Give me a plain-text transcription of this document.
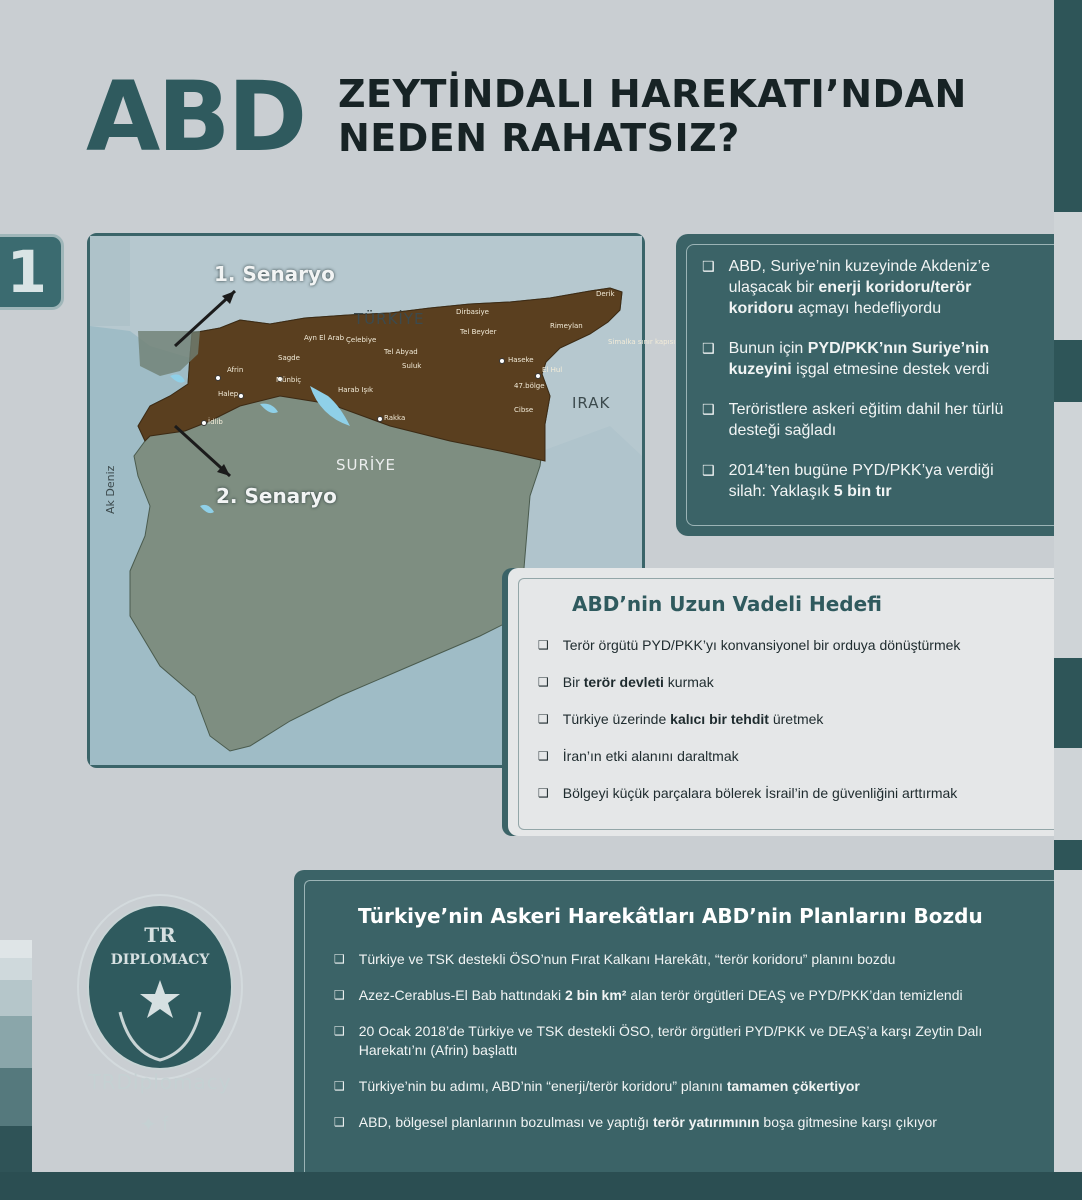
ABD ZEYTİNDALI HAREKATI’NDAN
NEDEN RAHATSIZ?
1	1. Senaryo
2. Senaryo
TÜRKİYE
SURİYE
IRAK
Ak Deniz
Afrin
Halep
İdlib
Sagde
Münbiç
Ayn El Arab Çelebiye
Tel Abyad
Suluk
Harab Işık
Rakka
Dirbasiye
Tel Beyder
Haseke
Rimeylan
Derik
Simalka sınır kapısı
El Hul
47.bölge
Cibse
❑ ABD, Suriye’nin kuzeyinde Akdeniz’e ulaşacak bir enerji koridoru/terör koridoru açmayı hedefliyordu
❑ Bunun için PYD/PKK’nın Suriye’nin kuzeyini işgal etmesine destek verdi
❑ Teröristlere askeri eğitim dahil her türlü desteği sağladı
❑ 2014’ten bugüne PYD/PKK’ya verdiği silah: Yaklaşık 5 bin tır
ABD’nin Uzun Vadeli Hedefi
❑ Terör örgütü PYD/PKK’yı konvansiyonel bir orduya dönüştürmek
❑ Bir terör devleti kurmak
❑ Türkiye üzerinde kalıcı bir tehdit üretmek
❑ İran’ın etki alanını daraltmak
❑ Bölgeyi küçük parçalara bölerek İsrail’in de güvenliğini arttırmak
TR
DIPLOMACY
TRDiplomacy
✦ f
Türkiye’nin Askeri Harekâtları ABD’nin Planlarını Bozdu
❑ Türkiye ve TSK destekli ÖSO’nun Fırat Kalkanı Harekâtı, “terör koridoru” planını bozdu
❑ Azez-Cerablus-El Bab hattındaki 2 bin km² alan terör örgütleri DEAŞ ve PYD/PKK’dan temizlendi
❑ 20 Ocak 2018’de Türkiye ve TSK destekli ÖSO, terör örgütleri PYD/PKK ve DEAŞ’a karşı Zeytin Dalı Harekatı’nı (Afrin) başlattı
❑ Türkiye’nin bu adımı, ABD’nin “enerji/terör koridoru” planını tamamen çökertiyor
❑ ABD, bölgesel planlarının bozulması ve yaptığı terör yatırımının boşa gitmesine karşı çıkıyor
